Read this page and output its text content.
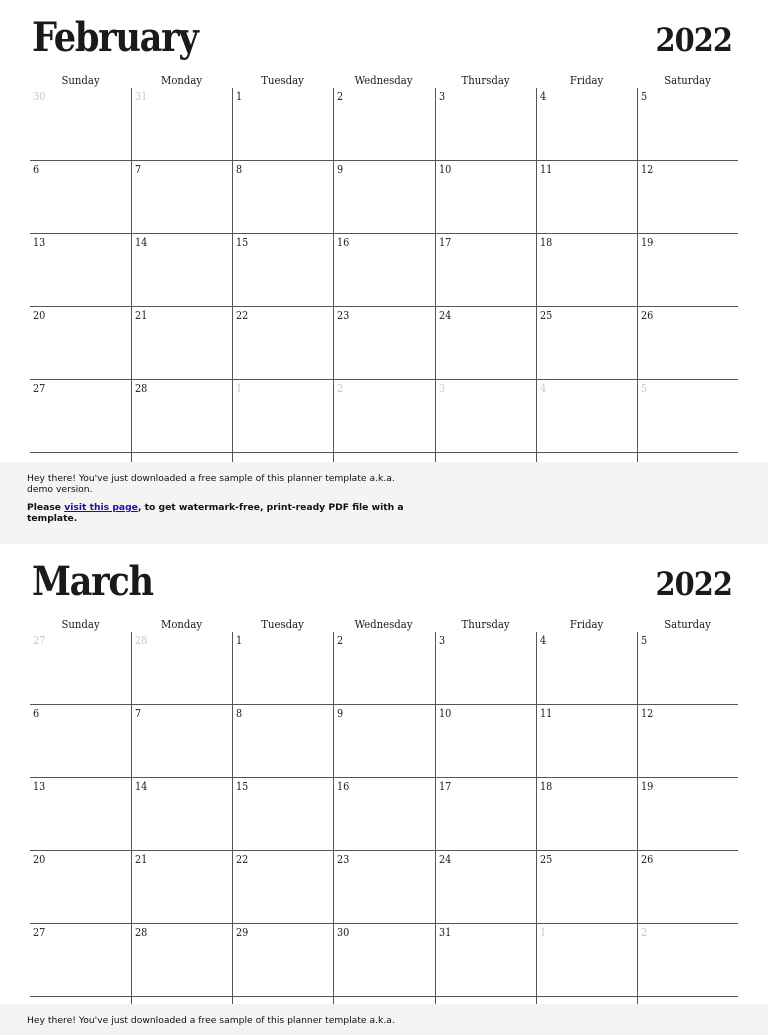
February	2022
Sunday	Monday	Tuesday	Wednesday	Thursday	Friday	Saturday
30	31	1	2	3	4	5
6	7	8	9	10	11	12
13	14	15	16	17	18	19
20	21	22	23	24	25	26
27	28	1	2	3	4	5

Hey there! You've just downloaded a free sample of this planner template a.k.a. demo version.

Please visit this page, to get watermark-free, print-ready PDF file with a template.

March	2022
Sunday	Monday	Tuesday	Wednesday	Thursday	Friday	Saturday
27	28	1	2	3	4	5
6	7	8	9	10	11	12
13	14	15	16	17	18	19
20	21	22	23	24	25	26
27	28	29	30	31	1	2

Hey there! You've just downloaded a free sample of this planner template a.k.a.
